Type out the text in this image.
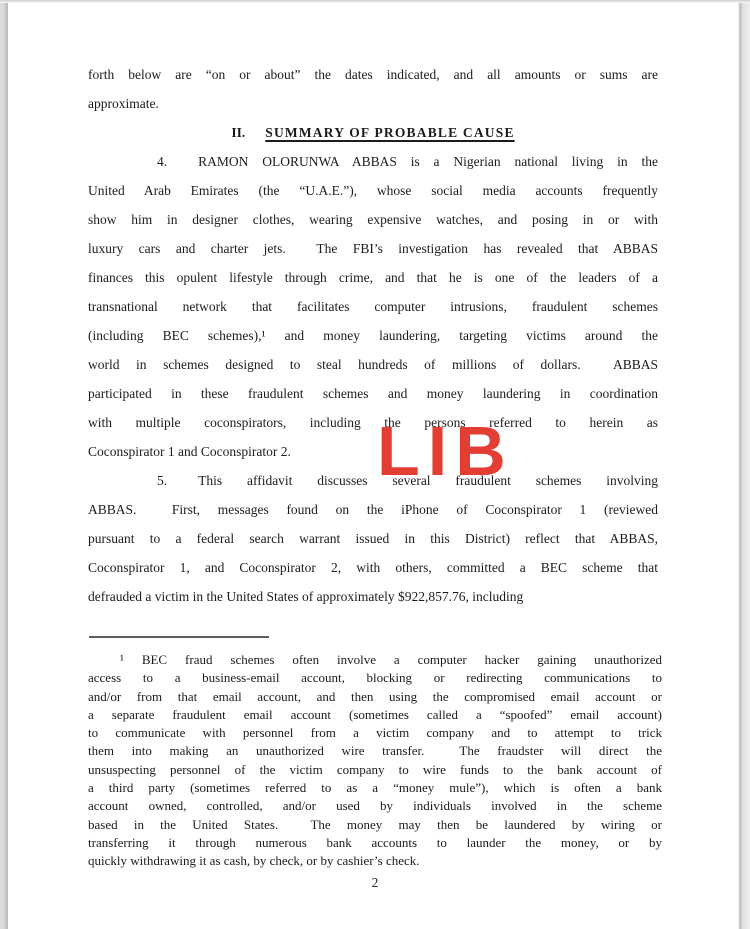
forth below are “on or about” the dates indicated, and all amounts or sums are
approximate.
II. SUMMARY OF PROBABLE CAUSE
4. RAMON OLORUNWA ABBAS is a Nigerian national living in the
United Arab Emirates (the “U.A.E.”), whose social media accounts frequently
show him in designer clothes, wearing expensive watches, and posing in or with
luxury cars and charter jets.  The FBI’s investigation has revealed that ABBAS
finances this opulent lifestyle through crime, and that he is one of the leaders of a
transnational network that facilitates computer intrusions, fraudulent schemes
(including BEC schemes),¹ and money laundering, targeting victims around the
world in schemes designed to steal hundreds of millions of dollars.  ABBAS
participated in these fraudulent schemes and money laundering in coordination
with multiple coconspirators, including the persons referred to herein as
Coconspirator 1 and Coconspirator 2.
5. This affidavit discusses several fraudulent schemes involving
ABBAS.  First, messages found on the iPhone of Coconspirator 1 (reviewed
pursuant to a federal search warrant issued in this District) reflect that ABBAS,
Coconspirator 1, and Coconspirator 2, with others, committed a BEC scheme that
defrauded a victim in the United States of approximately $922,857.76, including
¹ BEC fraud schemes often involve a computer hacker gaining unauthorized
access to a business-email account, blocking or redirecting communications to
and/or from that email account, and then using the compromised email account or
a separate fraudulent email account (sometimes called a “spoofed” email account)
to communicate with personnel from a victim company and to attempt to trick
them into making an unauthorized wire transfer.  The fraudster will direct the
unsuspecting personnel of the victim company to wire funds to the bank account of
a third party (sometimes referred to as a “money mule”), which is often a bank
account owned, controlled, and/or used by individuals involved in the scheme
based in the United States.  The money may then be laundered by wiring or
transferring it through numerous bank accounts to launder the money, or by
quickly withdrawing it as cash, by check, or by cashier’s check.
2
LIB
